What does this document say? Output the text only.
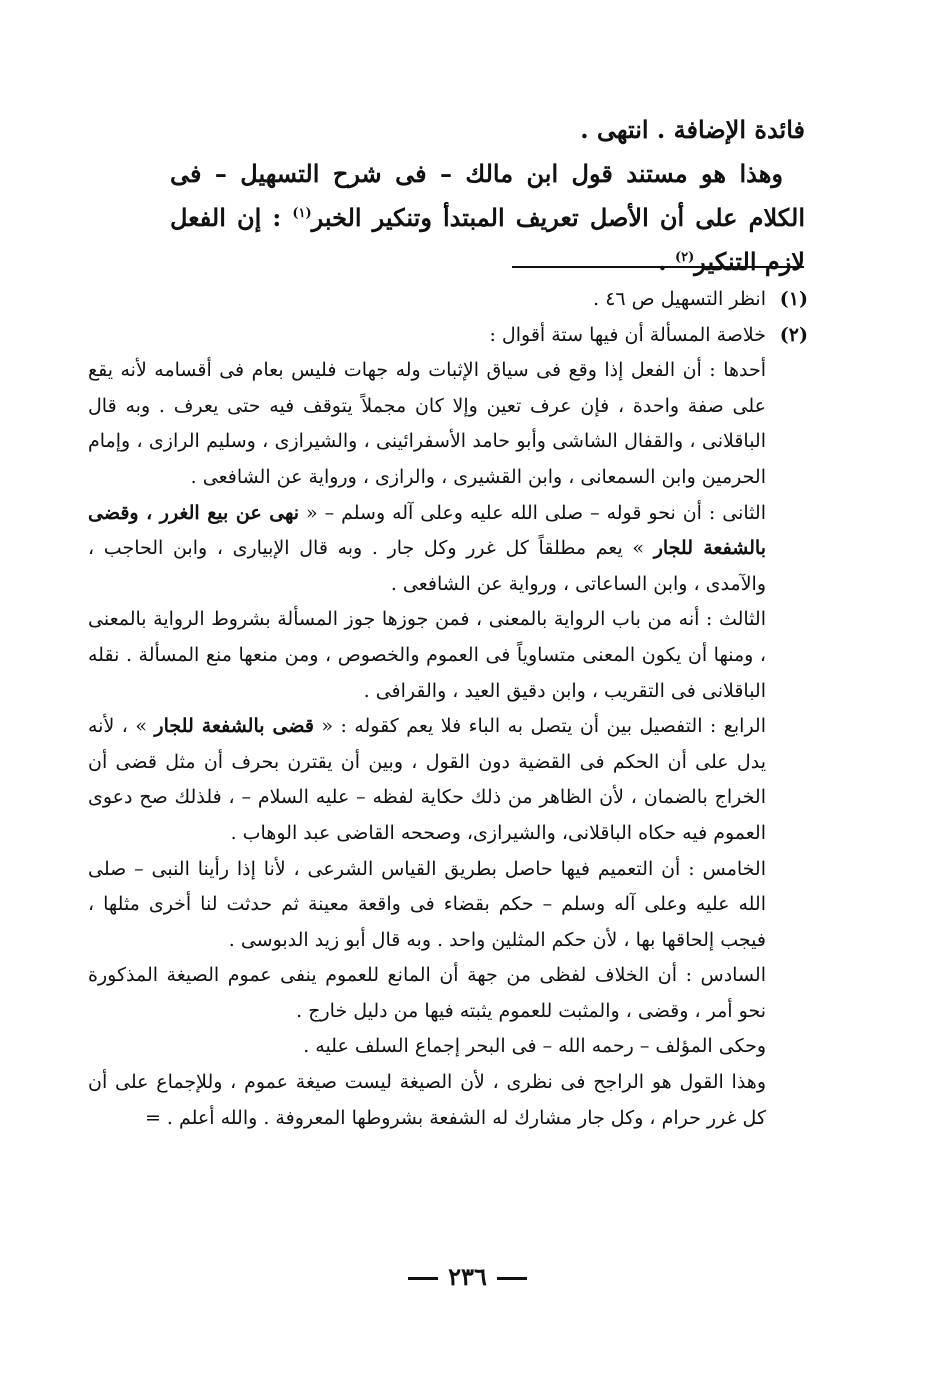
فائدة الإضافة . انتهى .

وهذا هو مستند قول ابن مالك – فى شرح التسهيل – فى الكلام على أن الأصل تعريف المبتدأ وتنكير الخبر$^{(١)}$ : إن الفعل لازم التنكير$^{(٢)}$ .

(١)
انظر التسهيل ص ٤٦ .
(٢)
خلاصة المسألة أن فيها ستة أقوال :

أحدها : أن الفعل إذا وقع فى سياق الإثبات وله جهات فليس بعام فى أقسامه لأنه يقع على صفة واحدة ، فإن عرف تعين وإلا كان مجملاً يتوقف فيه حتى يعرف . وبه قال الباقلانى ، والقفال الشاشى وأبو حامد الأسفرائينى ، والشيرازى ، وسليم الرازى ، وإمام الحرمين وابن السمعانى ، وابن القشيرى ، والرازى ، ورواية عن الشافعى .

الثانى : أن نحو قوله – صلى الله عليه وعلى آله وسلم – « نهى عن بيع الغرر ، وقضى بالشفعة للجار » يعم مطلقاً كل غرر وكل جار . وبه قال الإبيارى ، وابن الحاجب ، والآمدى ، وابن الساعاتى ، ورواية عن الشافعى .

الثالث : أنه من باب الرواية بالمعنى ، فمن جوزها جوز المسألة بشروط الرواية بالمعنى ، ومنها أن يكون المعنى متساوياً فى العموم والخصوص ، ومن منعها منع المسألة . نقله الباقلانى فى التقريب ، وابن دقيق العيد ، والقرافى .

الرابع : التفصيل بين أن يتصل به الباء فلا يعم كقوله : « قضى بالشفعة للجار » ، لأنه يدل على أن الحكم فى القضية دون القول ، وبين أن يقترن بحرف أن مثل قضى أن الخراج بالضمان ، لأن الظاهر من ذلك حكاية لفظه – عليه السلام – ، فلذلك صح دعوى العموم فيه حكاه الباقلانى، والشيرازى، وصححه القاضى عبد الوهاب .

الخامس : أن التعميم فيها حاصل بطريق القياس الشرعى ، لأنا إذا رأينا النبى – صلى الله عليه وعلى آله وسلم – حكم بقضاء فى واقعة معينة ثم حدثت لنا أخرى مثلها ، فيجب إلحاقها بها ، لأن حكم المثلين واحد . وبه قال أبو زيد الدبوسى .

السادس : أن الخلاف لفظى من جهة أن المانع للعموم ينفى عموم الصيغة المذكورة نحو أمر ، وقضى ، والمثبت للعموم يثبته فيها من دليل خارج .

وحكى المؤلف – رحمه الله – فى البحر إجماع السلف عليه .

وهذا القول هو الراجح فى نظرى ، لأن الصيغة ليست صيغة عموم ، وللإجماع على أن كل غرر حرام ، وكل جار مشارك له الشفعة بشروطها المعروفة . والله أعلم . =

٢٣٦
